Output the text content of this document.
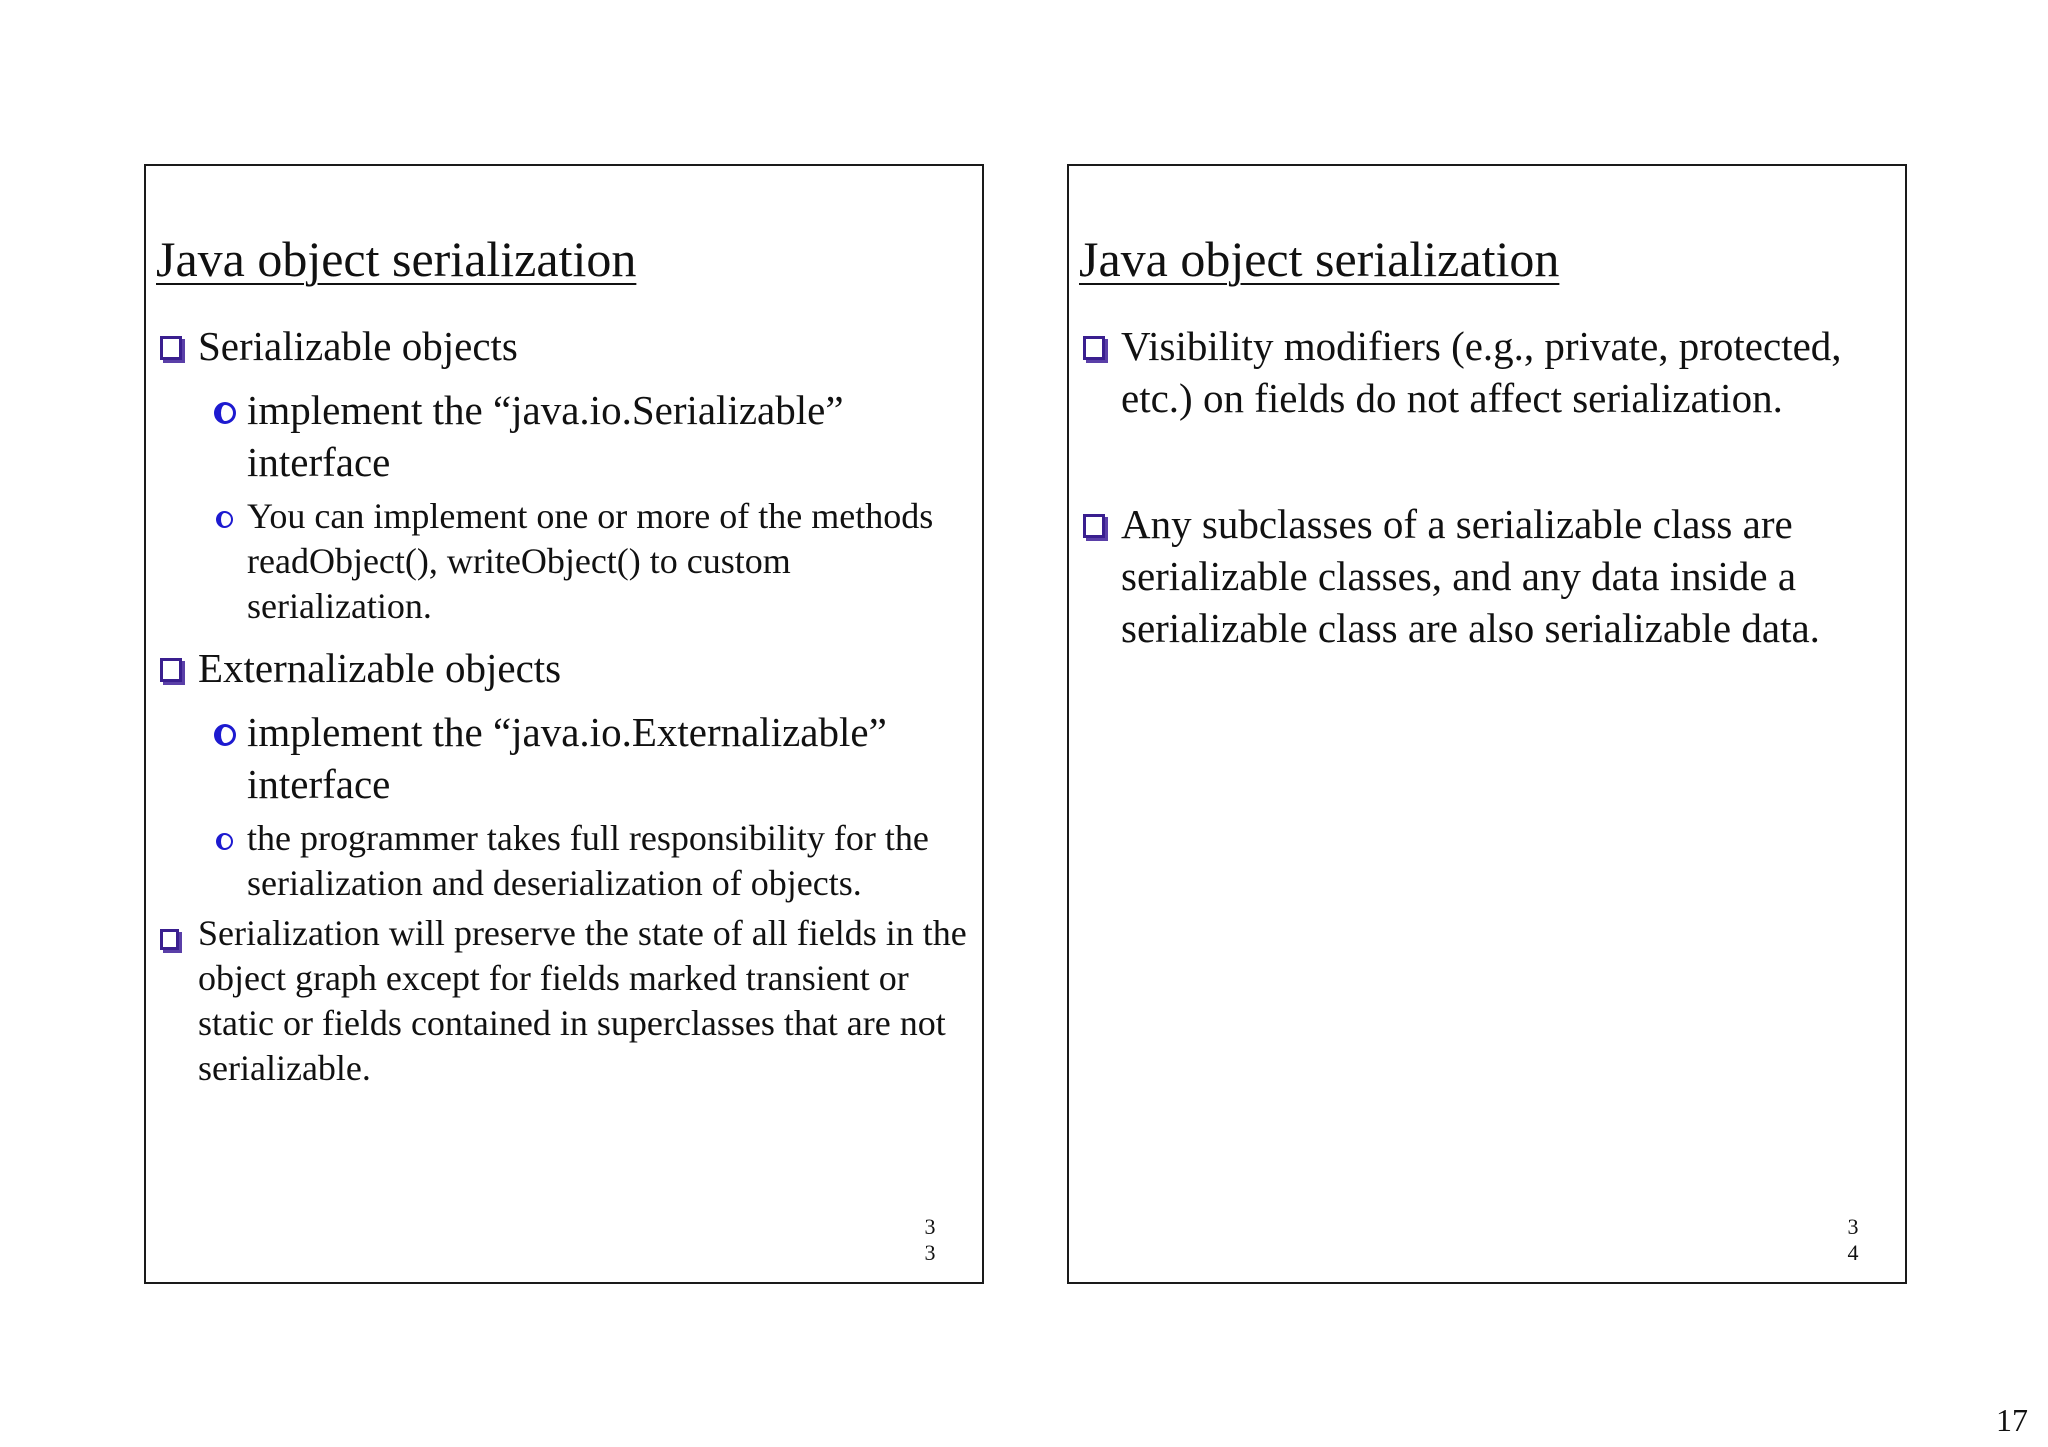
Java object serialization
Serializable objects
implement the “java.io.Serializable” interface
You can implement one or more of the methods readObject(), writeObject() to custom serialization.
Externalizable objects
implement the “java.io.Externalizable” interface
the programmer takes full responsibility for the serialization and deserialization of objects.
Serialization will preserve the state of all fields in the object graph except for fields marked transient or static or fields contained in superclasses that are not serializable.
3
3
Java object serialization
Visibility modifiers (e.g., private, protected, etc.) on fields do not affect serialization.
Any subclasses of a serializable class are serializable classes, and any data inside a serializable class are also serializable data.
3
4
17
